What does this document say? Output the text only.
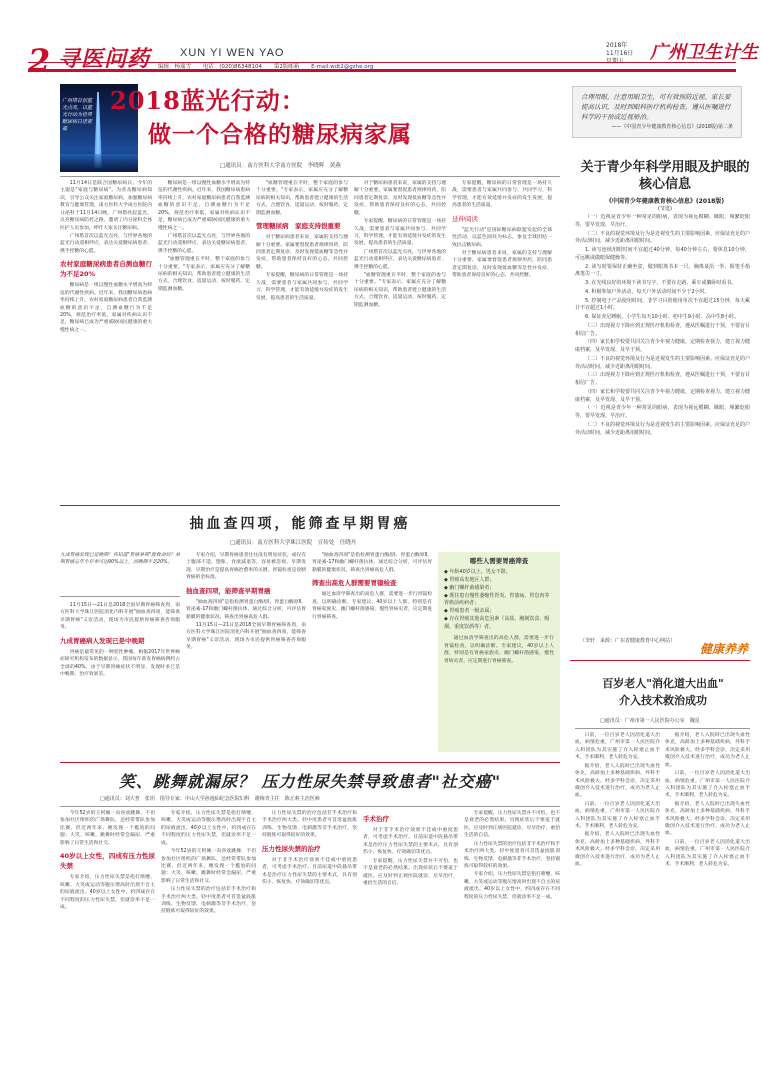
2 寻医问药	XUN YI WEN YAO
2018年
11月16日
星期五	广州卫生计生
编辑：杨瑞雪 电话：(020)86348104 第2版邮箱 E-mail:wdt2@gzhe.org
广州塔首创蓝光点亮，以蓝光行动为世界糖尿病日送祝福
2018蓝光行动：
做一个合格的糖尿病家属
□通讯员：南方医科大学南方医院　李晓辉　黄燕

11月14日是联合国糖尿病日。今年的主题是"家庭与糖尿病"。为普及糖尿病知识，引导公众关注家庭糖尿病，加强糖尿病教育与健康管理，南方医科大学南方医院内分泌科于11月14日晚，广州塔亮起蓝光，点亮糖尿病防控之路，邀请了内分泌科全体医护人员参加，呼吁大家关注糖尿病。

广州塔首次以蓝光点亮，与世界各地的蓝光行动遥相呼应，表达关爱糖尿病患者、携手控糖的心愿。

农村家庭糖尿病患者自测血糖行为不足20%

糖尿病是一组以慢性血糖水平增高为特征的代谢性疾病。近年来，我国糖尿病患病率持续上升，农村家庭糖尿病患者自我监测血糖的意识不足，自测血糖行为不足20%，规范治疗率低，家属对疾病认识不足，糖尿病已成为严重威胁国民健康的重大慢性病之一。

糖尿病是一组以慢性血糖水平增高为特征的代谢性疾病。近年来，我国糖尿病患病率持续上升，农村家庭糖尿病患者自我监测血糖的意识不足，自测血糖行为不足20%，规范治疗率低，家属对疾病认识不足，糖尿病已成为严重威胁国民健康的重大慢性病之一。

广州塔首次以蓝光点亮，与世界各地的蓝光行动遥相呼应，表达关爱糖尿病患者、携手控糖的心愿。

"血糖管理重在平时，整个家庭的参与十分重要。"专家表示，家属应充分了解糖尿病的相关知识，帮助患者建立健康的生活方式，合理饮食、适量运动、按时服药、定期监测血糖。

"血糖管理重在平时，整个家庭的参与十分重要。"专家表示，家属应充分了解糖尿病的相关知识，帮助患者建立健康的生活方式，合理饮食、适量运动、按时服药、定期监测血糖。

管理糖尿病　家庭支持很重要

对于糖尿病患者来说，家属的支持与理解十分重要。家属要督促患者规律用药，陪同患者定期复诊，及时发现低血糖等急性并发症，帮助患者保持良好的心态，共同控糖。

专家提醒，糖尿病的日常管理是一场持久战，需要患者与家属共同参与、共同学习，科学管理，才能有效延缓并发症的发生发展，提高患者的生活质量。

对于糖尿病患者来说，家属的支持与理解十分重要。家属要督促患者规律用药，陪同患者定期复诊，及时发现低血糖等急性并发症，帮助患者保持良好的心态，共同控糖。

专家提醒，糖尿病的日常管理是一场持久战，需要患者与家属共同参与、共同学习，科学管理，才能有效延缓并发症的发生发展，提高患者的生活质量。

广州塔首次以蓝光点亮，与世界各地的蓝光行动遥相呼应，表达关爱糖尿病患者、携手控糖的心愿。

"血糖管理重在平时，整个家庭的参与十分重要。"专家表示，家属应充分了解糖尿病的相关知识，帮助患者建立健康的生活方式，合理饮食、适量运动、按时服药、定期监测血糖。

专家提醒，糖尿病的日常管理是一场持久战，需要患者与家属共同参与、共同学习，科学管理，才能有效延缓并发症的发生发展，提高患者的生活质量。

延伸阅读

"蓝光行动"是国际糖尿病联盟发起的全球性活动，以蓝色圆环为标志，象征全球团结一致抗击糖尿病。

对于糖尿病患者来说，家属的支持与理解十分重要。家属要督促患者规律用药，陪同患者定期复诊，及时发现低血糖等急性并发症，帮助患者保持良好的心态，共同控糖。

合理用眼，注意用眼卫生，可有效预防近视。家长要提高认识，及时到眼科医疗机构检查，遵从医嘱进行科学的干预或近视矫治。
——《中国青少年健康教育核心信息》(2018版)第二条
关于青少年科学用眼及护眼的核心信息
《中国青少年健康教育核心信息》(2018版)
(节选)

（一）近视是青少年一种常见的眼病，表现为视远模糊、眯眼、频繁眨眼等，要早发现、早治疗。

（二）不良的视觉环境及行为是近视发生的主要影响因素。应保证充足的户外活动时间，减少近距离用眼时间。

1. 读写连续用眼时间不宜超过40分钟，每40分钟左右，要休息10分钟，可远眺或做眼保健操等。

2. 读写时要保持正确坐姿，做到眼离书本一尺、胸离桌沿一拳、握笔手指离笔尖一寸。

3. 在光线良好的环境下读书写字，不要在走路、乘车或躺卧时看书。

4. 积极参加户外活动，每天户外活动时间不少于2小时。

5. 控制电子产品使用时间，非学习目的使用单次不宜超过15分钟，每天累计不宜超过1小时。

6. 保证充足睡眠，小学生每天10小时、初中生9小时、高中生8小时。

（三）出现视力下降应到正规医疗机构检查，遵从医嘱进行干预，不要盲目相信广告。

（四）家长和学校要共同关注青少年视力健康，定期检查视力，建立视力健康档案，及早发现、及早干预。

（二）不良的视觉环境及行为是近视发生的主要影响因素。应保证充足的户外活动时间，减少近距离用眼时间。

（三）出现视力下降应到正规医疗机构检查，遵从医嘱进行干预，不要盲目相信广告。

（四）家长和学校要共同关注青少年视力健康，定期检查视力，建立视力健康档案，及早发现、及早干预。

（一）近视是青少年一种常见的眼病，表现为视远模糊、眯眼、频繁眨眼等，要早发现、早治疗。

（二）不良的视觉环境及行为是近视发生的主要影响因素。应保证充足的户外活动时间，减少近距离用眼时间。

（李轩　来源：广东省健康教育中心网站）
健康养养
抽血查四项，能筛查早期胃癌
□通讯员：南方医科大学珠江医院　宣传处　任晓丹
九成胃癌发现已是晚期！你知道"胃癌早筛"能救命吗？早期胃癌五年生存率可达90%以上，而晚期不足20%。

11月15日—21日是2018全国早期胃癌筛查周，南方医科大学珠江医院消化内科开展"抽血查四项，能筛查早期胃癌"义诊活动，现场为市民提供胃癌筛查咨询服务。

九成胃癌病人发现已是中晚期

胃癌是最常见的一种恶性肿瘤。根据2017年世界癌症研究机构发布的数据显示，我国每年新发胃癌病例约占全球的40%，由于早期胃癌症状不明显，发现时多已是中晚期，治疗效果差。

专家介绍，早期胃癌患者往往没有明显症状，或仅有上腹部不适、饱胀、食欲减退等，容易被忽视。早期发现、早期治疗是提高胃癌治愈率的关键。胃镜检查是诊断胃癌的金标准。

抽血查四项，能筛查早期胃癌

"抽血查四项"是指检测胃蛋白酶原Ⅰ、胃蛋白酶原Ⅱ、胃泌素-17和幽门螺杆菌抗体，通过综合分析，可评估胃黏膜的健康状况，筛查出胃癌高危人群。

11月15日—21日是2018全国早期胃癌筛查周，南方医科大学珠江医院消化内科开展"抽血查四项，能筛查早期胃癌"义诊活动，现场为市民提供胃癌筛查咨询服务。

"抽血查四项"是指检测胃蛋白酶原Ⅰ、胃蛋白酶原Ⅱ、胃泌素-17和幽门螺杆菌抗体，通过综合分析，可评估胃黏膜的健康状况，筛查出胃癌高危人群。

筛查出高危人群需要胃镜检查

通过血清学筛查出的高危人群，需要进一步行胃镜检查，以明确诊断。专家建议，40岁以上人群，特别是有胃癌家族史、幽门螺杆菌感染、慢性胃病史者，应定期进行胃癌筛查。

哪些人需要胃癌筛查
◆ 年龄40岁以上，男女不限；
◆ 胃癌高发地区人群；
◆ 幽门螺杆菌感染者；
◆ 既往患有慢性萎缩性胃炎、胃溃疡、胃息肉等胃癌前疾病者；
◆ 胃癌患者一级亲属；
◆ 存在胃癌其他高危因素（高盐、腌制饮食、吸烟、重度饮酒等）者。

通过血清学筛查出的高危人群，需要进一步行胃镜检查，以明确诊断。专家建议，40岁以上人群，特别是有胃癌家族史、幽门螺杆菌感染、慢性胃病史者，应定期进行胃癌筛查。

百岁老人"消化道大出血"
介入技术救治成功
□通讯员：广州市第一人民医院办公室　魏星

日前，一位百岁老人因消化道大出血，病情危重，广州市第一人民医院介入科团队为其实施了介入栓塞止血手术，手术顺利，老人转危为安。

据介绍，老人入院时已出现失血性休克，高龄加上多种基础疾病，外科手术风险极大。经多学科会诊，决定采用微创介入技术进行治疗，成功为老人止血。

日前，一位百岁老人因消化道大出血，病情危重，广州市第一人民医院介入科团队为其实施了介入栓塞止血手术，手术顺利，老人转危为安。

据介绍，老人入院时已出现失血性休克，高龄加上多种基础疾病，外科手术风险极大。经多学科会诊，决定采用微创介入技术进行治疗，成功为老人止血。

据介绍，老人入院时已出现失血性休克，高龄加上多种基础疾病，外科手术风险极大。经多学科会诊，决定采用微创介入技术进行治疗，成功为老人止血。

日前，一位百岁老人因消化道大出血，病情危重，广州市第一人民医院介入科团队为其实施了介入栓塞止血手术，手术顺利，老人转危为安。

据介绍，老人入院时已出现失血性休克，高龄加上多种基础疾病，外科手术风险极大。经多学科会诊，决定采用微创介入技术进行治疗，成功为老人止血。

日前，一位百岁老人因消化道大出血，病情危重，广州市第一人民医院介入科团队为其实施了介入栓塞止血手术，手术顺利，老人转危为安。

笑、跳舞就漏尿？ 压力性尿失禁导致患者"社交癌"
□通讯员：刘大普　张玥　指导专家：中山大学孙逸仙纪念医院妇科　谢梅青主任　陈丘莉主治医师

今年52岁的王阿姨一向喜欢跳舞，不但参加社区组织的广场舞队，还经常带队参加比赛。但近两年来，她发现一个尴尬的问题：大笑、咳嗽、跳舞时经常会漏尿，严重影响了日常生活和社交。

40岁以上女性，四成有压力性尿失禁

专家介绍，压力性尿失禁是指打喷嚏、咳嗽、大笑或运动等腹压增高时出现不自主的尿液流出。40岁以上女性中，约四成存在不同程度的压力性尿失禁，但就诊率不足一成。

专家介绍，压力性尿失禁是指打喷嚏、咳嗽、大笑或运动等腹压增高时出现不自主的尿液流出。40岁以上女性中，约四成存在不同程度的压力性尿失禁，但就诊率不足一成。

今年52岁的王阿姨一向喜欢跳舞，不但参加社区组织的广场舞队，还经常带队参加比赛。但近两年来，她发现一个尴尬的问题：大笑、咳嗽、跳舞时经常会漏尿，严重影响了日常生活和社交。

压力性尿失禁的治疗包括非手术治疗和手术治疗两大类。轻中度患者可首选盆底肌训练、生物反馈、电刺激等非手术治疗，坚持锻炼可取得较好的效果。

压力性尿失禁的治疗包括非手术治疗和手术治疗两大类。轻中度患者可首选盆底肌训练、生物反馈、电刺激等非手术治疗，坚持锻炼可取得较好的效果。

压力性尿失禁的治疗

对于非手术治疗效果不佳或中重度患者，可考虑手术治疗。目前尿道中段悬吊带术是治疗压力性尿失禁的主要术式，具有创伤小、恢复快、疗效确切等优点。

手术治疗

对于非手术治疗效果不佳或中重度患者，可考虑手术治疗。目前尿道中段悬吊带术是治疗压力性尿失禁的主要术式，具有创伤小、恢复快、疗效确切等优点。

专家提醒，压力性尿失禁并不可怕，也不是衰老的必然结果。出现症状后不要羞于就医，应及时到正规医院就诊，尽早治疗，重拾生活的自信。

专家提醒，压力性尿失禁并不可怕，也不是衰老的必然结果。出现症状后不要羞于就医，应及时到正规医院就诊，尽早治疗，重拾生活的自信。

压力性尿失禁的治疗包括非手术治疗和手术治疗两大类。轻中度患者可首选盆底肌训练、生物反馈、电刺激等非手术治疗，坚持锻炼可取得较好的效果。

专家介绍，压力性尿失禁是指打喷嚏、咳嗽、大笑或运动等腹压增高时出现不自主的尿液流出。40岁以上女性中，约四成存在不同程度的压力性尿失禁，但就诊率不足一成。
